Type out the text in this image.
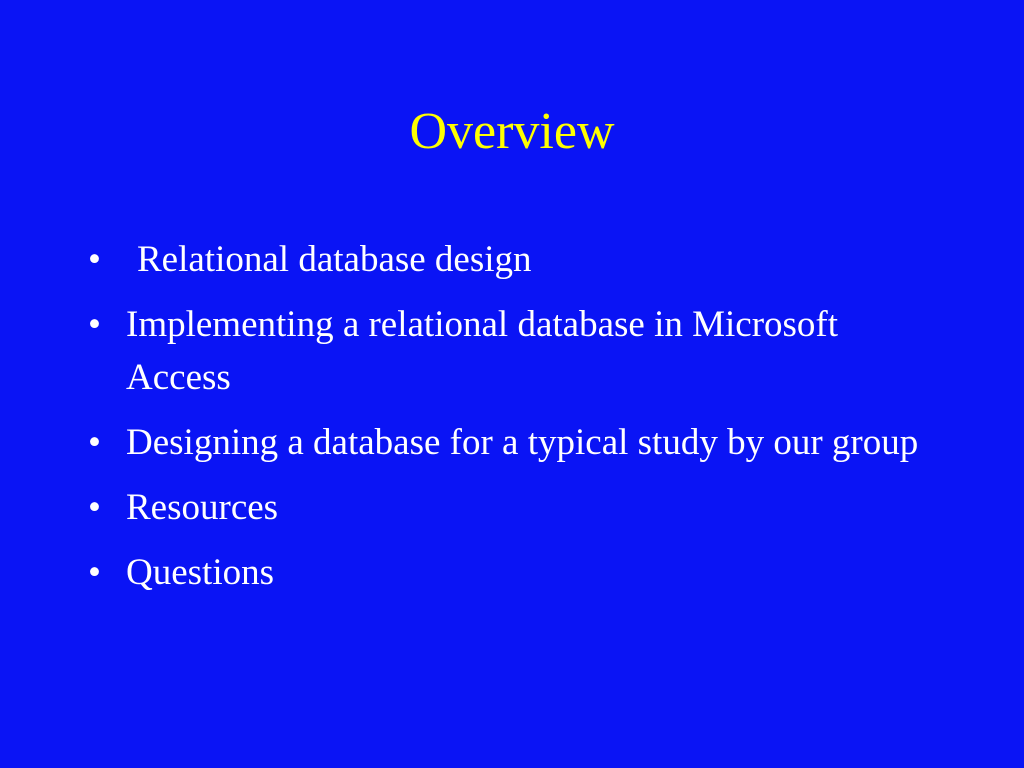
Overview
• Relational database design
• Implementing a relational database in Microsoft Access
• Designing a database for a typical study by our group
• Resources
• Questions
